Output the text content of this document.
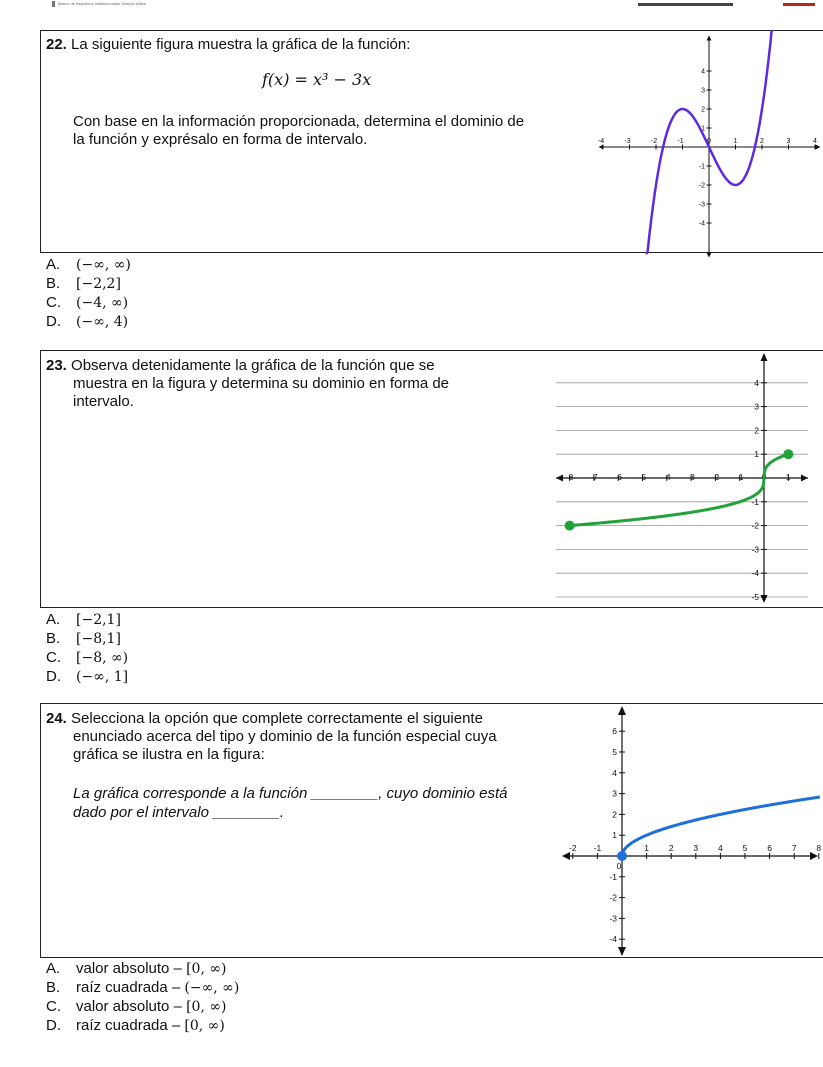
Banco de Reactivos Institucionales Semper Altius
22. La siguiente figura muestra la gráfica de la función:
f(x) = x³ − 3x
Con base en la información proporcionada, determina el dominio de
la función y exprésalo en forma de intervalo.	-4	-3	-2	-1	0	1	2	3	4
4
3
2
1
-1
-2
-3
-4
A. (−∞, ∞)
B. [−2,2]
C. (−4, ∞)
D. (−∞, 4)
23. Observa detenidamente la gráfica de la función que se
muestra en la figura y determina su dominio en forma de
intervalo.
-8 -7 -6 -5 -4 -3 -2 -1 0 1
4
3
2
1
-1
-2
-3
-4
-5
A. [−2,1]
B. [−8,1]
C. [−8, ∞)
D. (−∞, 1]
24. Selecciona la opción que complete correctamente el siguiente
enunciado acerca del tipo y dominio de la función especial cuya
gráfica se ilustra en la figura:
La gráfica corresponde a la función ________, cuyo dominio está
dado por el intervalo ________.
-2 -1
0
1 2 3 4 5 6 7 8
6
5
4
3
2
1
-1
-2
-3
-4
A. valor absoluto – [0, ∞)
B. raíz cuadrada – (−∞, ∞)
C. valor absoluto – [0, ∞)
D. raíz cuadrada – [0, ∞)
